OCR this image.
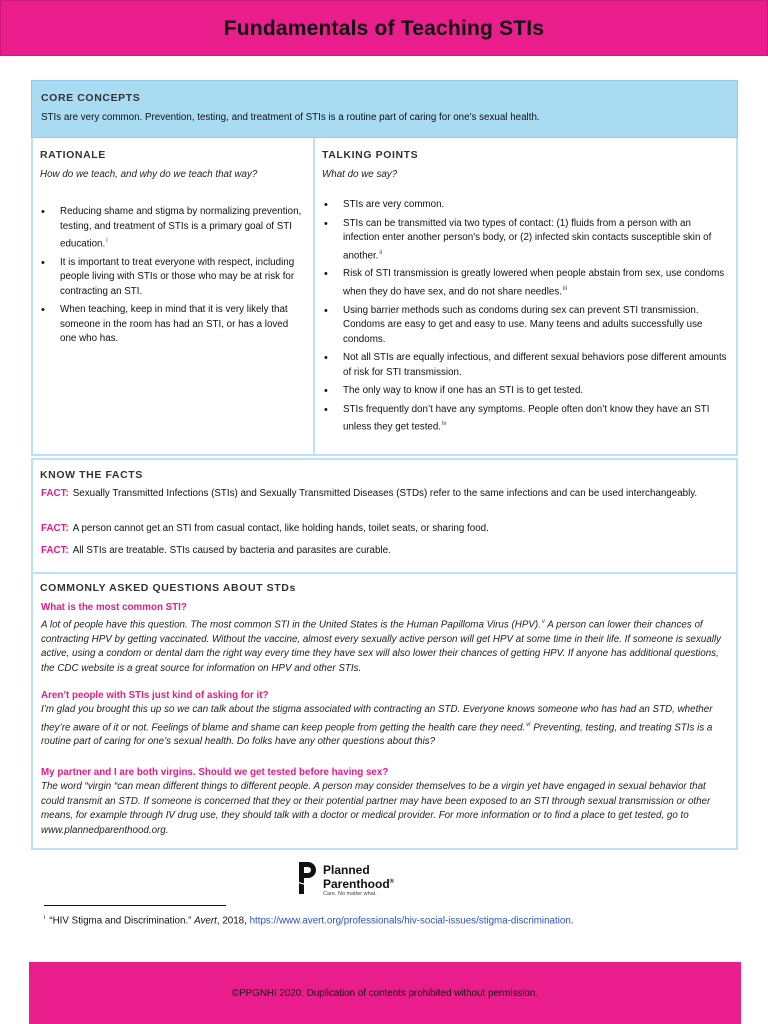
Fundamentals of Teaching STIs
CORE CONCEPTS

STIs are very common. Prevention, testing, and treatment of STIs is a routine part of caring for one’s sexual health.

RATIONALE
How do we teach, and why do we teach that way?
• Reducing shame and stigma by normalizing prevention, testing, and treatment of STIs is a primary goal of STI education.$^i$
• It is important to treat everyone with respect, including people living with STIs or those who may be at risk for contracting an STI.
• When teaching, keep in mind that it is very likely that someone in the room has had an STI, or has a loved one who has.
TALKING POINTS
What do we say?
• STIs are very common.
• STIs can be transmitted via two types of contact: (1) fluids from a person with an infection enter another person’s body, or (2) infected skin contacts susceptible skin of another.$^{ii}$
• Risk of STI transmission is greatly lowered when people abstain from sex, use condoms when they do have sex, and do not share needles.$^{iii}$
• Using barrier methods such as condoms during sex can prevent STI transmission. Condoms are easy to get and easy to use. Many teens and adults successfully use condoms.
• Not all STIs are equally infectious, and different sexual behaviors pose different amounts of risk for STI transmission.
• The only way to know if one has an STI is to get tested.
• STIs frequently don’t have any symptoms. People often don’t know they have an STI unless they get tested.$^{iv}$
KNOW THE FACTS
FACT: Sexually Transmitted Infections (STIs) and Sexually Transmitted Diseases (STDs) refer to the same infections and can be used interchangeably.
FACT: A person cannot get an STI from casual contact, like holding hands, toilet seats, or sharing food.
FACT: All STIs are treatable. STIs caused by bacteria and parasites are curable.
COMMONLY ASKED QUESTIONS ABOUT STDs
What is the most common STI?
A lot of people have this question. The most common STI in the United States is the Human Papilloma Virus (HPV).$^v$ A person can lower their chances of contracting HPV by getting vaccinated. Without the vaccine, almost every sexually active person will get HPV at some time in their life. If someone is sexually active, using a condom or dental dam the right way every time they have sex will also lower their chances of getting HPV. If anyone has additional questions, the CDC website is a great source for information on HPV and other STIs.
Aren’t people with STIs just kind of asking for it?
I’m glad you brought this up so we can talk about the stigma associated with contracting an STD. Everyone knows someone who has had an STD, whether they’re aware of it or not. Feelings of blame and shame can keep people from getting the health care they need.$^{vi}$ Preventing, testing, and treating STIs is a routine part of caring for one’s sexual health. Do folks have any other questions about this?
My partner and I are both virgins. Should we get tested before having sex?
The word “virgin “can mean different things to different people. A person may consider themselves to be a virgin yet have engaged in sexual behavior that could transmit an STD. If someone is concerned that they or their potential partner may have been exposed to an STI through sexual transmission or other means, for example through IV drug use, they should talk with a doctor or medical provider. For more information or to find a place to get tested, go to www.plannedparenthood.org.
Planned
Parenthood®
Care. No matter what.
$^i$ “HIV Stigma and Discrimination.” Avert, 2018, https://www.avert.org/professionals/hiv-social-issues/stigma-discrimination.

©PPGNHI 2020. Duplication of contents prohibited without permission.
